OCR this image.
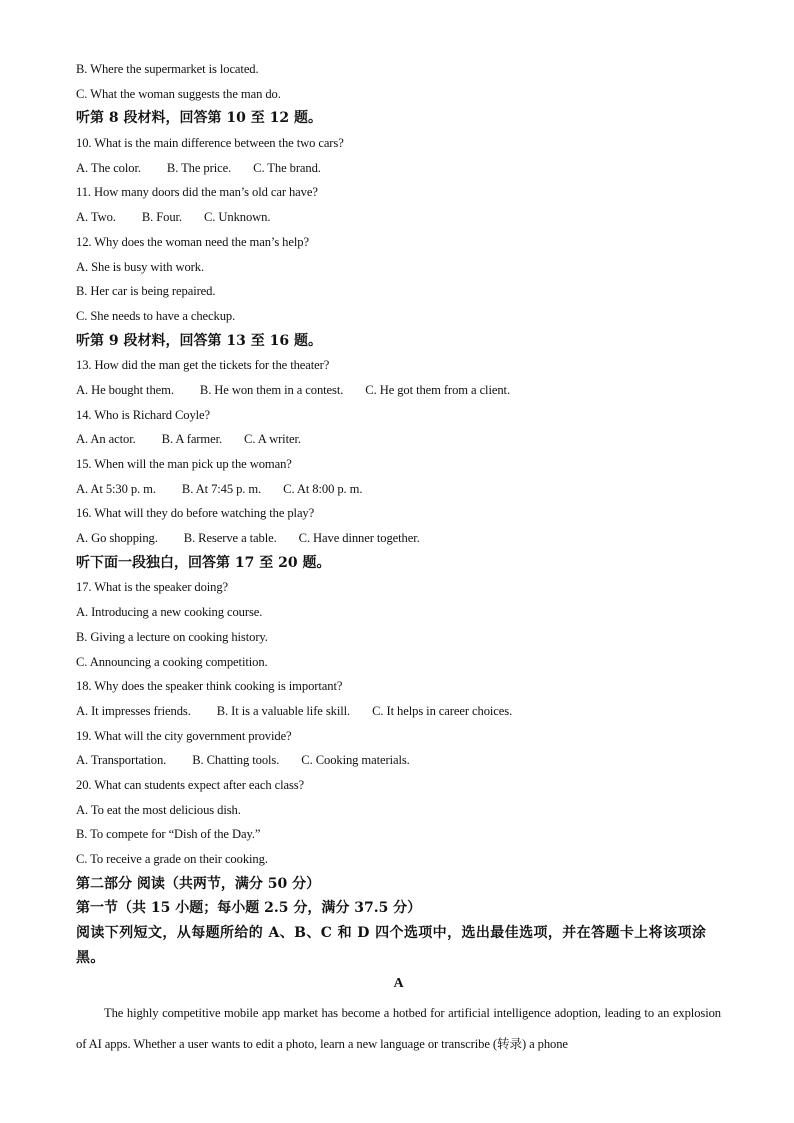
B. Where the supermarket is located.
C. What the woman suggests the man do.
听第 8 段材料，回答第 10 至 12 题。
10. What is the main difference between the two cars?
A. The color. B. The price. C. The brand.
11. How many doors did the man’s old car have?
A. Two. B. Four. C. Unknown.
12. Why does the woman need the man’s help?
A. She is busy with work.
B. Her car is being repaired.
C. She needs to have a checkup.
听第 9 段材料，回答第 13 至 16 题。
13. How did the man get the tickets for the theater?
A. He bought them. B. He won them in a contest. C. He got them from a client.
14. Who is Richard Coyle?
A. An actor. B. A farmer. C. A writer.
15. When will the man pick up the woman?
A. At 5:30 p. m. B. At 7:45 p. m. C. At 8:00 p. m.
16. What will they do before watching the play?
A. Go shopping. B. Reserve a table. C. Have dinner together.
听下面一段独白，回答第 17 至 20 题。
17. What is the speaker doing?
A. Introducing a new cooking course.
B. Giving a lecture on cooking history.
C. Announcing a cooking competition.
18. Why does the speaker think cooking is important?
A. It impresses friends. B. It is a valuable life skill. C. It helps in career choices.
19. What will the city government provide?
A. Transportation. B. Chatting tools. C. Cooking materials.
20. What can students expect after each class?
A. To eat the most delicious dish.
B. To compete for “Dish of the Day.”
C. To receive a grade on their cooking.
第二部分 阅读（共两节，满分 50 分）
第一节（共 15 小题；每小题 2.5 分，满分 37.5 分）
阅读下列短文，从每题所给的 A、B、C 和 D 四个选项中，选出最佳选项，并在答题卡上将该项涂黑。
A
The highly competitive mobile app market has become a hotbed for artificial intelligence adoption, leading to an explosion of AI apps. Whether a user wants to edit a photo, learn a new language or transcribe (转录) a phone
